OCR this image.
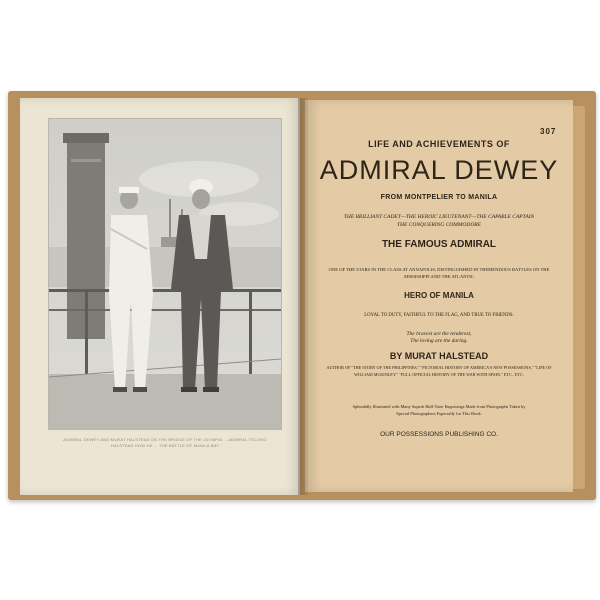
ADMIRAL DEWEY AND MURAT HALSTEAD ON THE BRIDGE OF THE OLYMPIA ... ADMIRAL TELLING HALSTEAD HOW HE ... THE BATTLE OF MANILA BAY
307
LIFE AND ACHIEVEMENTS OF
ADMIRAL DEWEY
FROM MONTPELIER TO MANILA
THE BRILLIANT CADET—THE HEROIC LIEUTENANT—THE CAPABLE CAPTAIN
THE CONQUERING COMMODORE
THE FAMOUS ADMIRAL
ONE OF THE STARS IN THE CLASS AT ANNAPOLIS, DISTINGUISHED IN TREMENDOUS BATTLES ON THE
MISSISSIPPI AND THE ATLANTIC
HERO OF MANILA
LOYAL TO DUTY, FAITHFUL TO THE FLAG, AND TRUE TO FRIENDS.
The bravest are the tenderest,
The loving are the daring.
BY MURAT HALSTEAD
AUTHOR OF "THE STORY OF THE PHILIPPINES," "PICTORIAL HISTORY OF AMERICA'S NEW POSSESSIONS," "LIFE OF
WILLIAM MCKINLEY," "FULL OFFICIAL HISTORY OF THE WAR WITH SPAIN," ETC., ETC.
Splendidly Illustrated with Many Superb Half-Tone Engravings Made from Photographs Taken by
Special Photographers Especially for This Book.
OUR POSSESSIONS PUBLISHING CO.
